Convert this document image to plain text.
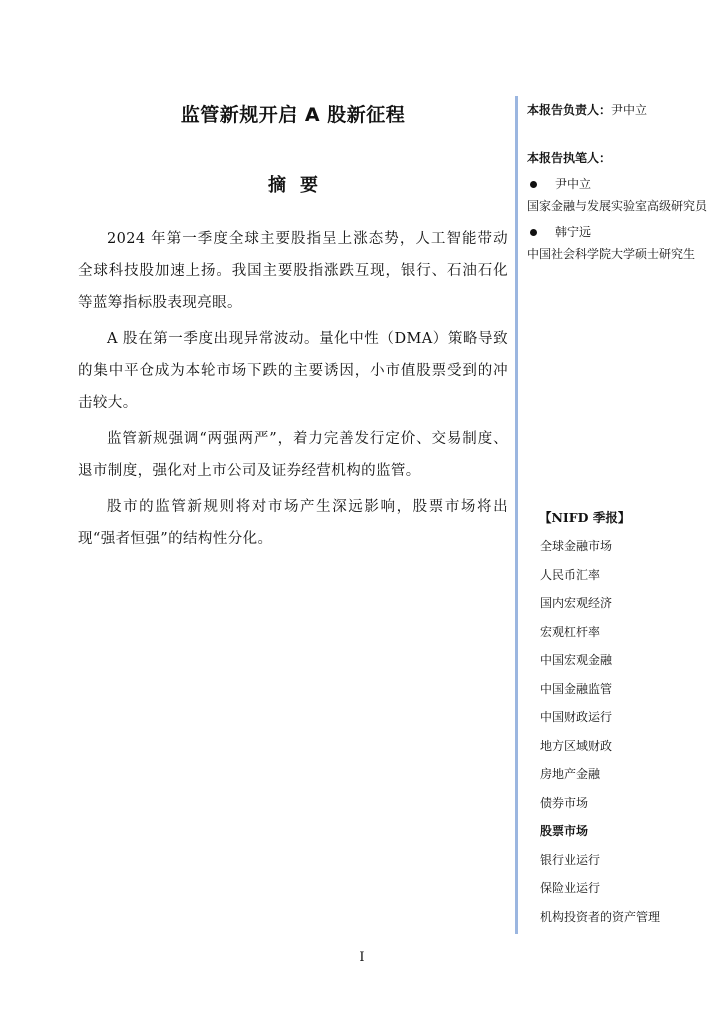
监管新规开启 A 股新征程
摘要

2024 年第一季度全球主要股指呈上涨态势，人工智能带动全球科技股加速上扬。我国主要股指涨跌互现，银行、石油石化等蓝筹指标股表现亮眼。

A 股在第一季度出现异常波动。量化中性（DMA）策略导致的集中平仓成为本轮市场下跌的主要诱因，小市值股票受到的冲击较大。

监管新规强调“两强两严”，着力完善发行定价、交易制度、退市制度，强化对上市公司及证券经营机构的监管。

股市的监管新规则将对市场产生深远影响，股票市场将出现“强者恒强”的结构性分化。

本报告负责人：尹中立
本报告执笔人：
尹中立
国家金融与发展实验室高级研究员
韩宁远
中国社会科学院大学硕士研究生
【NIFD 季报】
全球金融市场
人民币汇率
国内宏观经济
宏观杠杆率
中国宏观金融
中国金融监管
中国财政运行
地方区域财政
房地产金融
债券市场
股票市场
银行业运行
保险业运行
机构投资者的资产管理
I
